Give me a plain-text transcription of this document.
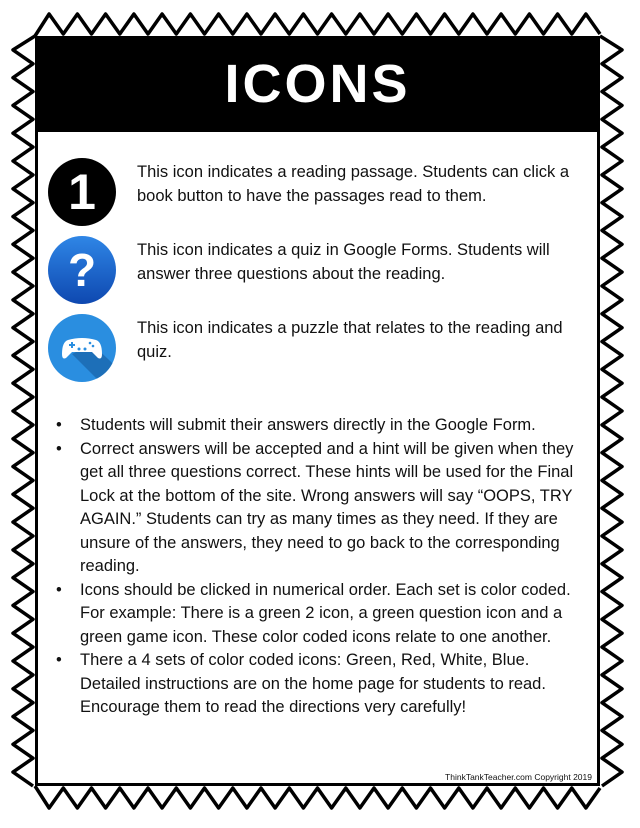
ICONS
1 This icon indicates a reading passage. Students can click a book button to have the passages read to them.
? This icon indicates a quiz in Google Forms. Students will answer three questions about the reading.
This icon indicates a puzzle that relates to the reading and quiz.
• Students will submit their answers directly in the Google Form.
• Correct answers will be accepted and a hint will be given when they get all three questions correct. These hints will be used for the Final Lock at the bottom of the site. Wrong answers will say “OOPS, TRY AGAIN.” Students can try as many times as they need. If they are unsure of the answers, they need to go back to the corresponding reading.
• Icons should be clicked in numerical order. Each set is color coded. For example: There is a green 2 icon, a green question icon and a green game icon. These color coded icons relate to one another.
• There a 4 sets of color coded icons: Green, Red, White, Blue. Detailed instructions are on the home page for students to read. Encourage them to read the directions very carefully!
ThinkTankTeacher.com Copyright 2019
